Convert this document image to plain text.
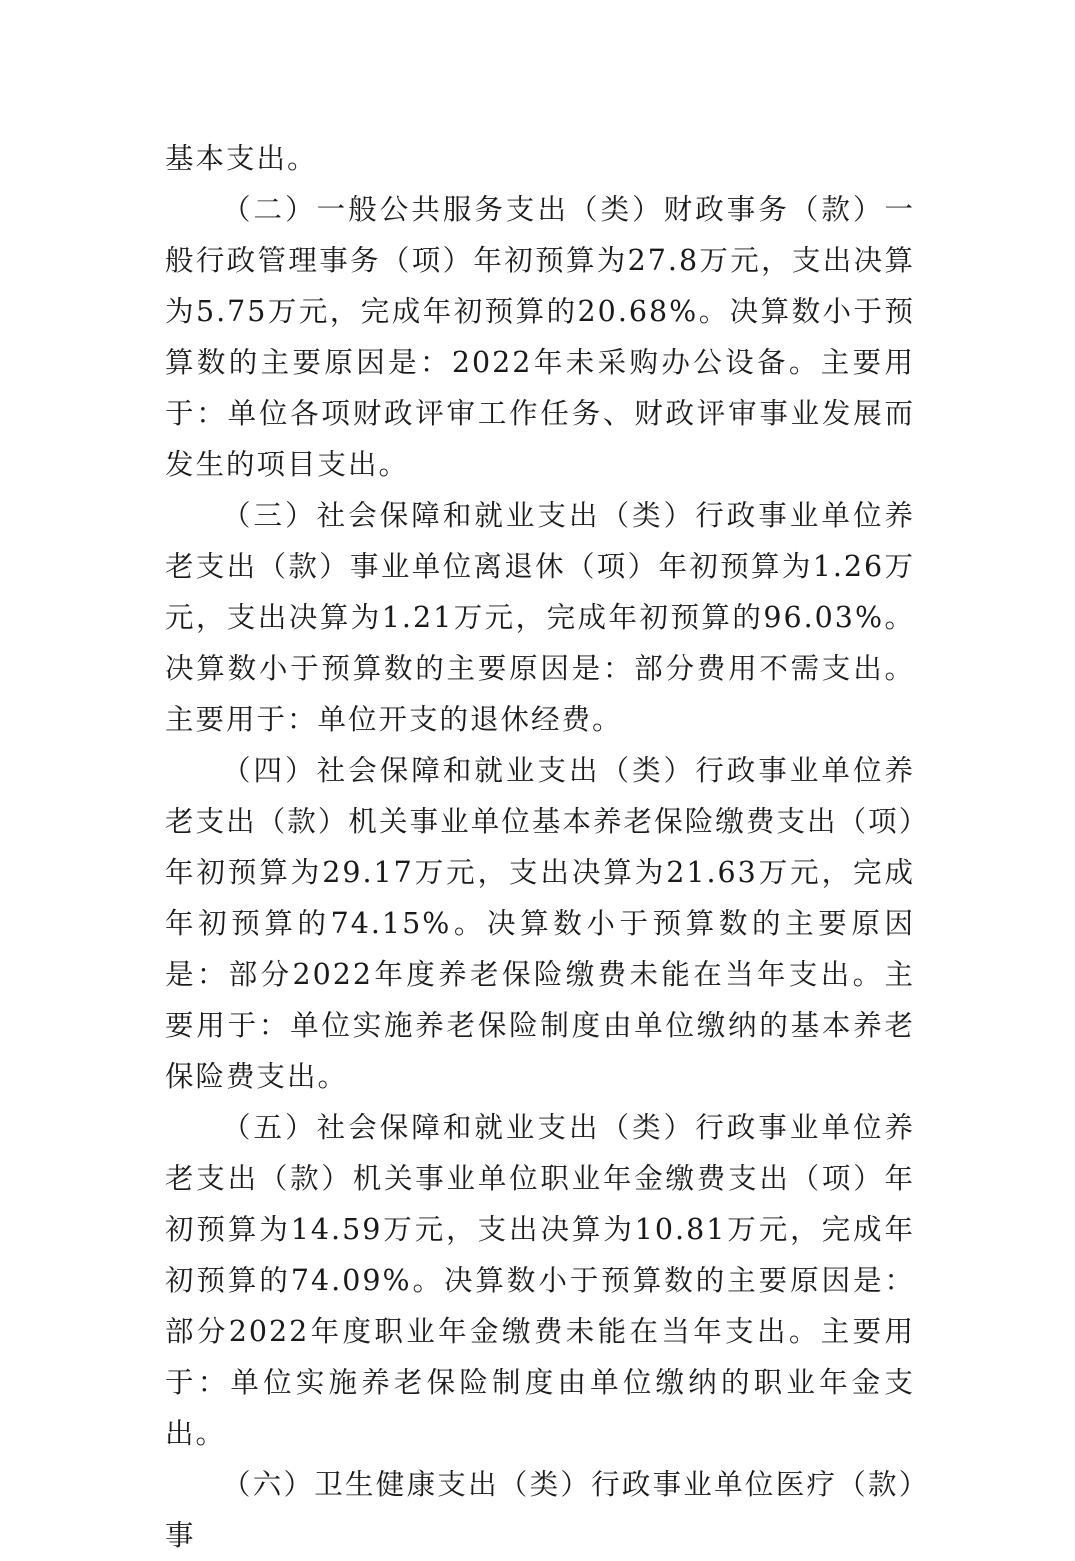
基本支出。

（二）一般公共服务支出（类）财政事务（款）一般行政管理事务（项）年初预算为27.8万元，支出决算为5.75万元，完成年初预算的20.68%。决算数小于预算数的主要原因是：2022年未采购办公设备。主要用于：单位各项财政评审工作任务、财政评审事业发展而发生的项目支出。

（三）社会保障和就业支出（类）行政事业单位养老支出（款）事业单位离退休（项）年初预算为1.26万元，支出决算为1.21万元，完成年初预算的96.03%。决算数小于预算数的主要原因是：部分费用不需支出。主要用于：单位开支的退休经费。

（四）社会保障和就业支出（类）行政事业单位养老支出（款）机关事业单位基本养老保险缴费支出（项）年初预算为29.17万元，支出决算为21.63万元，完成年初预算的74.15%。决算数小于预算数的主要原因是：部分2022年度养老保险缴费未能在当年支出。主要用于：单位实施养老保险制度由单位缴纳的基本养老保险费支出。

（五）社会保障和就业支出（类）行政事业单位养老支出（款）机关事业单位职业年金缴费支出（项）年初预算为14.59万元，支出决算为10.81万元，完成年初预算的74.09%。决算数小于预算数的主要原因是：部分2022年度职业年金缴费未能在当年支出。主要用于：单位实施养老保险制度由单位缴纳的职业年金支出。

（六）卫生健康支出（类）行政事业单位医疗（款）事
